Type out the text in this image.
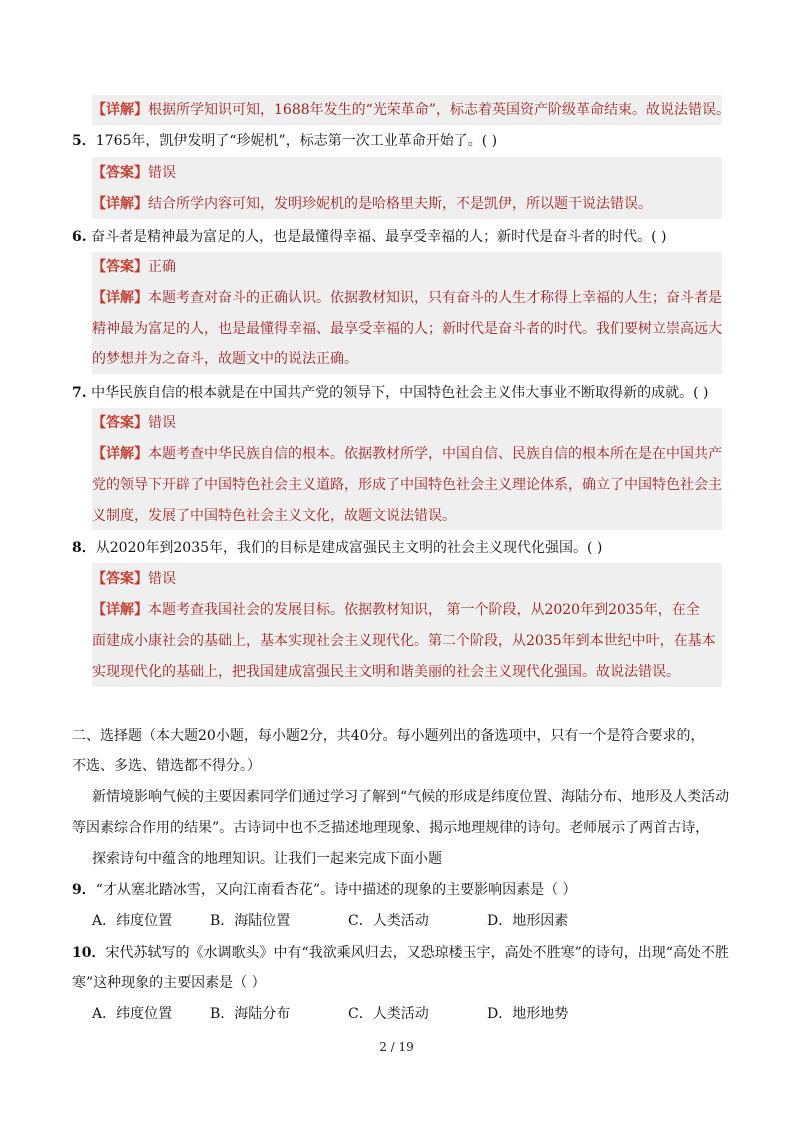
【详解】根据所学知识可知，1688年发生的“光荣革命”，标志着英国资产阶级革命结束。故说法错误。
5．1765年，凯伊发明了“珍妮机”，标志第一次工业革命开始了。( )
【答案】错误
【详解】结合所学内容可知，发明珍妮机的是哈格里夫斯，不是凯伊，所以题干说法错误。
6. 奋斗者是精神最为富足的人，也是最懂得幸福、最享受幸福的人；新时代是奋斗者的时代。( )
【答案】正确
【详解】本题考查对奋斗的正确认识。依据教材知识，只有奋斗的人生才称得上幸福的人生；奋斗者是
精神最为富足的人，也是最懂得幸福、最享受幸福的人；新时代是奋斗者的时代。我们要树立崇高远大
的梦想并为之奋斗，故题文中的说法正确。
7. 中华民族自信的根本就是在中国共产党的领导下，中国特色社会主义伟大事业不断取得新的成就。( )
【答案】错误
【详解】本题考查中华民族自信的根本。依据教材所学，中国自信、民族自信的根本所在是在中国共产
党的领导下开辟了中国特色社会主义道路，形成了中国特色社会主义理论体系，确立了中国特色社会主
义制度，发展了中国特色社会主义文化，故题文说法错误。
8．从2020年到2035年，我们的目标是建成富强民主文明的社会主义现代化强国。( )
【答案】错误
【详解】本题考查我国社会的发展目标。依据教材知识， 第一个阶段，从2020年到2035年，在全
面建成小康社会的基础上，基本实现社会主义现代化。第二个阶段，从2035年到本世纪中叶，在基本
实现现代化的基础上，把我国建成富强民主文明和谐美丽的社会主义现代化强国。故说法错误。
二、选择题（本大题20小题，每小题2分，共40分。每小题列出的备选项中，只有一个是符合要求的，
不选、多选、错选都不得分。）
新情境影响气候的主要因素同学们通过学习了解到“气候的形成是纬度位置、海陆分布、地形及人类活动
等因素综合作用的结果”。古诗词中也不乏描述地理现象、揭示地理规律的诗句。老师展示了两首古诗，
探索诗句中蕴含的地理知识。让我们一起来完成下面小题
9．“才从塞北踏冰雪，又向江南看杏花”。诗中描述的现象的主要影响因素是（ ）
A．纬度位置	B．海陆位置	C．人类活动	D．地形因素
10．宋代苏轼写的《水调歌头》中有“我欲乘风归去，又恐琼楼玉宇，高处不胜寒”的诗句，出现“高处不胜
寒”这种现象的主要因素是（ ）
A．纬度位置	B．海陆分布	C．人类活动	D．地形地势
2 / 19
